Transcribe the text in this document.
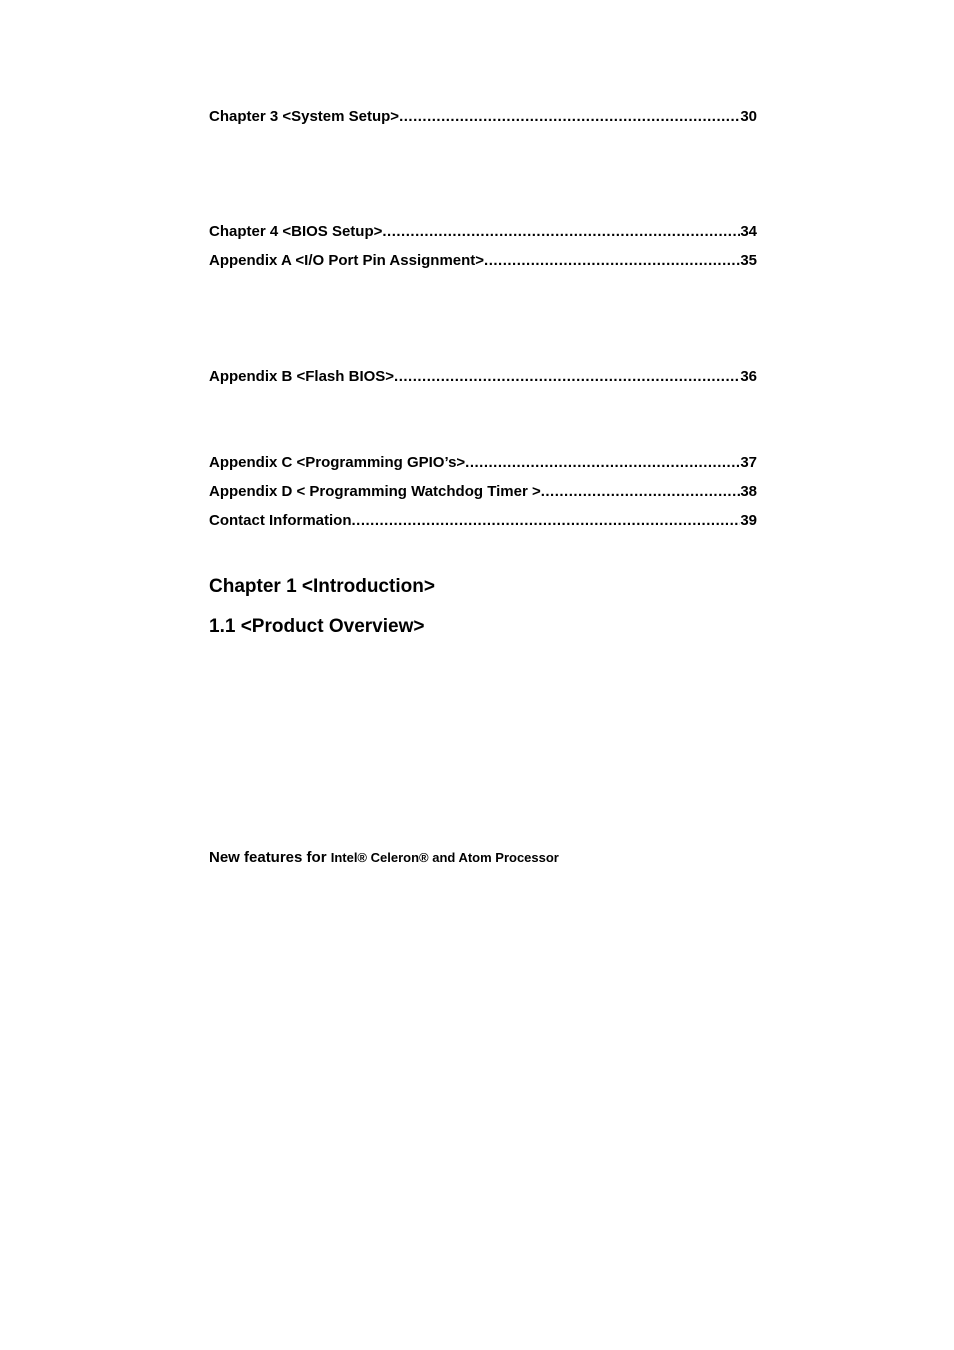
Chapter 3 <System Setup> .....	30
Chapter 4 <BIOS Setup> .....	34
Appendix A <I/O Port Pin Assignment> .....	35
Appendix B <Flash BIOS> .....	36
Appendix C <Programming GPIO’s> .....	37
Appendix D < Programming Watchdog Timer > .....	38
Contact Information .....	39
Chapter 1 <Introduction>
1.1 <Product Overview>
New features for Intel® Celeron® and Atom Processor
